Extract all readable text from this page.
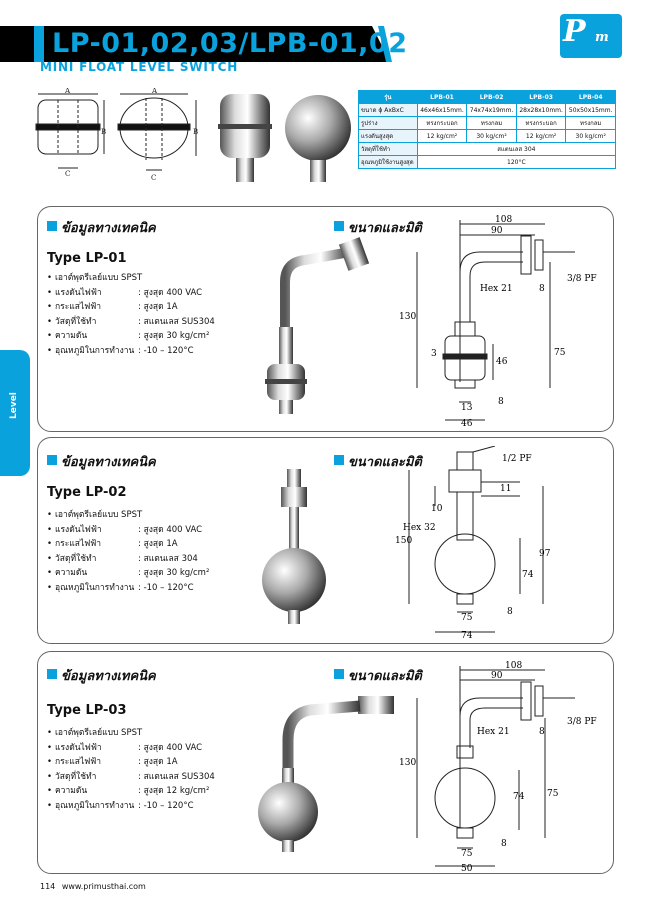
LP-01,02,03/LPB-01,02
MINI FLOAT LEVEL SWITCH
P m
A
B
C
A
B
C
รุ่น	LPB-01	LPB-02	LPB-03	LPB-04
ขนาด ϕ AxBxC	46x46x15mm.	74x74x19mm.	28x28x10mm.	50x50x15mm.
รูปร่าง	ทรงกระบอก	ทรงกลม	ทรงกระบอก	ทรงกลม
แรงดันสูงสุด	12 kg/cm²	30 kg/cm²	12 kg/cm²	30 kg/cm²
วัสดุที่ใช้ทำ	สแตนเลส 304			
อุณหภูมิใช้งานสูงสุด	120°C			
ข้อมูลทางเทคนิค	ขนาดและมิติ
Type LP-01
• เอาต์พุตรีเลย์แบบ SPST
• แรงดันไฟฟ้า	: สูงสุด 400 VAC
• กระแสไฟฟ้า	: สูงสุด 1A
• วัสดุที่ใช้ทำ	: สแตนเลส SUS304
• ความดัน	: สูงสุด 30 kg/cm²
• อุณหภูมิในการทำงาน : -10 – 120°C
108
90
Hex 21	8
3/8 PF
130
3
46
75
13
8
46
ข้อมูลทางเทคนิค	ขนาดและมิติ
Type LP-02
• เอาต์พุตรีเลย์แบบ SPST
• แรงดันไฟฟ้า	: สูงสุด 400 VAC
• กระแสไฟฟ้า	: สูงสุด 1A
• วัสดุที่ใช้ทำ	: สแตนเลส 304
• ความดัน	: สูงสุด 30 kg/cm²
• อุณหภูมิในการทำงาน : -10 – 120°C
1/2 PF
11
10
Hex 32
150
97
74
75
8
74
ข้อมูลทางเทคนิค	ขนาดและมิติ
Type LP-03
• เอาต์พุตรีเลย์แบบ SPST
• แรงดันไฟฟ้า	: สูงสุด 400 VAC
• กระแสไฟฟ้า	: สูงสุด 1A
• วัสดุที่ใช้ทำ	: สแตนเลส SUS304
• ความดัน	: สูงสุด 12 kg/cm²
• อุณหภูมิในการทำงาน : -10 – 120°C
108
90
Hex 21	8
3/8 PF
130
74	75
75
8
50
Level
114 www.primusthai.com
